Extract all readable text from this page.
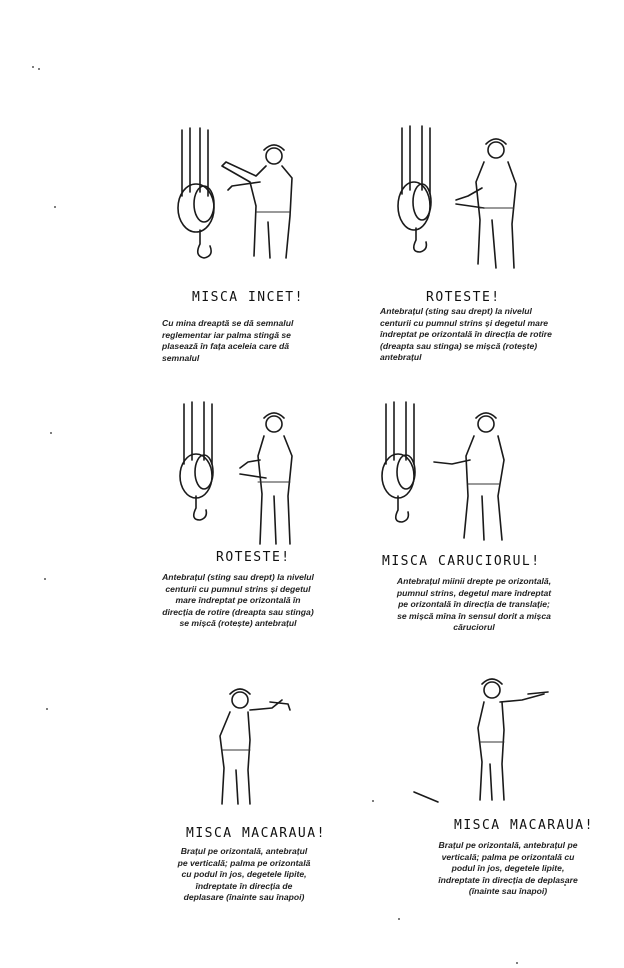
MISCA INCET!
Cu mina dreaptă se dă semnalul reglementar iar palma stingă se plasează în fața aceleia care dă semnalul
ROTESTE!
Antebrațul (sting sau drept) la nivelul centurii cu pumnul strins și degetul mare îndreptat pe orizontală în direcția de rotire (dreapta sau stinga) se mișcă (rotește) antebrațul
ROTESTE!
Antebrațul (sting sau drept) la nivelul centurii cu pumnul strins și degetul mare îndreptat pe orizontală în direcția de rotire (dreapta sau stinga) se mișcă (rotește) antebrațul
MISCA CARUCIORUL!
Antebrațul miinii drepte pe orizontală, pumnul strins, degetul mare îndreptat pe orizontală în direcția de translație; se mișcă mîna în sensul dorit a mișca căruciorul
MISCA MACARAUA!
Brațul pe orizontală, antebrațul pe verticală; palma pe orizontală cu podul în jos, degetele lipite, îndreptate în direcția de deplasare (înainte sau înapoi)
MISCA MACARAUA!
Brațul pe orizontală, antebrațul pe verticală; palma pe orizontală cu podul în jos, degetele lipite, îndreptate în direcția de deplasare (înainte sau înapoi)
